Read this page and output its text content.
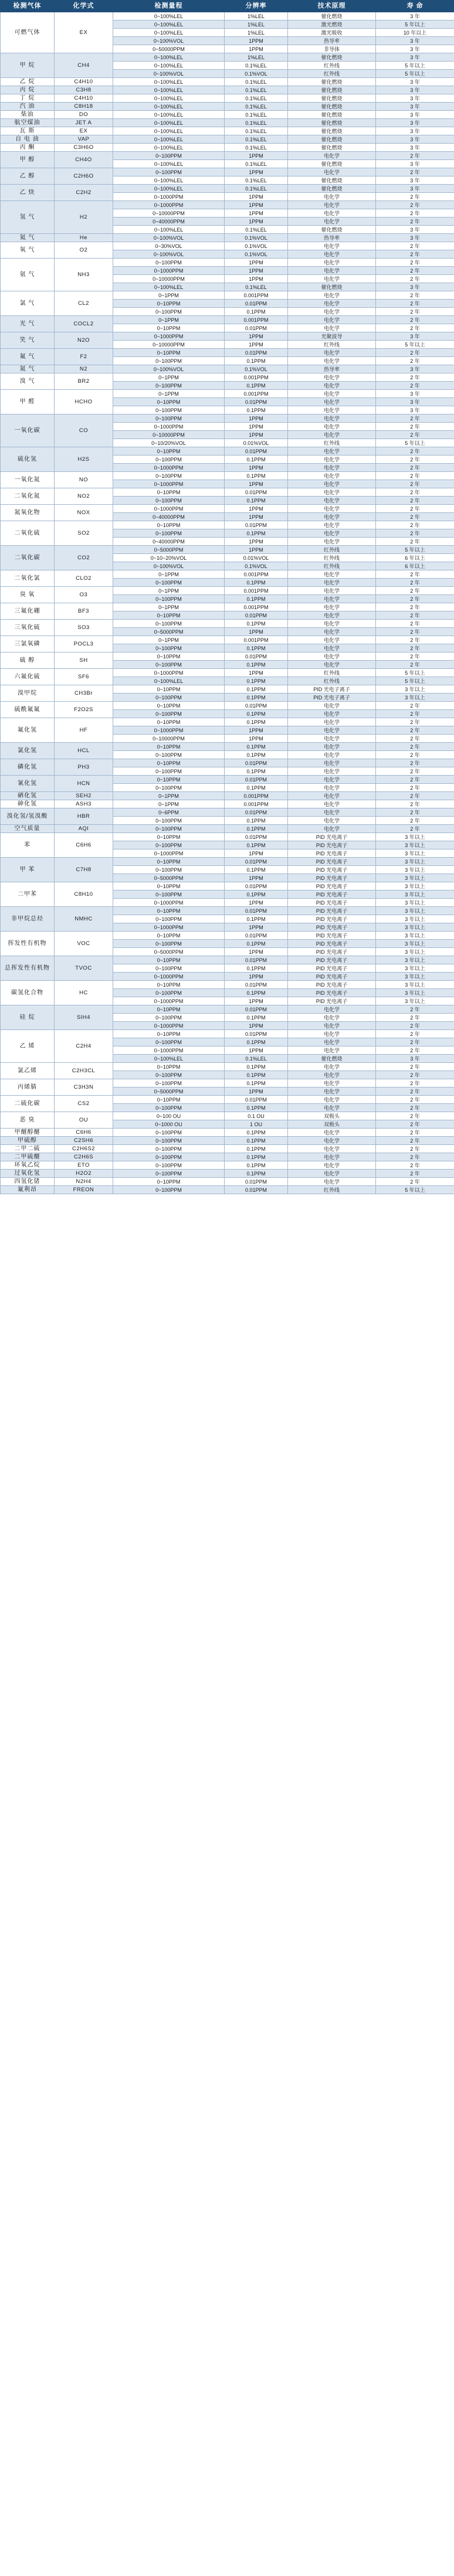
检测气体	化学式	检测量程	分辨率	技术原理	寿 命
可燃气体	EX	0~100%LEL	1%LEL	催化燃烧	3 年
		0~100%LEL	1%LEL	激光燃烧	5 年以上
		0~100%LEL	1%LEL	激光吸收	10 年以上
		0~100%VOL	1PPM	热导率	3 年
		0~50000PPM	1PPM	非导体	3 年
甲 烷	CH4	0~100%LEL	1%LEL	催化燃烧	3 年
		0~100%LEL	0.1%LEL	红外线	5 年以上
		0~100%VOL	0.1%VOL	红外线	5 年以上
乙 烷	C4H10	0~100%LEL	0.1%LEL	催化燃烧	3 年
丙 烷	C3H8	0~100%LEL	0.1%LEL	催化燃烧	3 年
丁 烷	C4H10	0~100%LEL	0.1%LEL	催化燃烧	3 年
汽 油	C8H18	0~100%LEL	0.1%LEL	催化燃烧	3 年
柴油	DO	0~100%LEL	0.1%LEL	催化燃烧	3 年
航空煤油	JET A	0~100%LEL	0.1%LEL	催化燃烧	3 年
瓦 斯	EX	0~100%LEL	0.1%LEL	催化燃烧	3 年
自 电 油	VAP	0~100%LEL	0.1%LEL	催化燃烧	3 年
丙 酮	C3H6O	0~100%LEL	0.1%LEL	催化燃烧	3 年
甲 醇	CH4O	0~100PPM	1PPM	电化学	2 年
		0~100%LEL	0.1%LEL	催化燃烧	3 年
乙 醇	C2H6O	0~100PPM	1PPM	电化学	2 年
		0~100%LEL	0.1%LEL	催化燃烧	3 年
乙 炔	C2H2	0~100%LEL	0.1%LEL	催化燃烧	3 年
		0~1000PPM	1PPM	电化学	2 年
氢 气	H2	0~1000PPM	1PPM	电化学	2 年
		0~10000PPM	1PPM	电化学	2 年
		0~40000PPM	1PPM	电化学	2 年
		0~100%LEL	0.1%LEL	催化燃烧	3 年
氦 气	He	0~100%VOL	0.1%VOL	热导率	3 年
氧 气	O2	0~30%VOL	0.1%VOL	电化学	2 年
		0~100%VOL	0.1%VOL	电化学	2 年
氨 气	NH3	0~100PPM	1PPM	电化学	2 年
		0~1000PPM	1PPM	电化学	2 年
		0~10000PPM	1PPM	电化学	2 年
		0~100%LEL	0.1%LEL	催化燃烧	3 年
氯 气	CL2	0~1PPM	0.001PPM	电化学	2 年
		0~10PPM	0.01PPM	电化学	2 年
		0~100PPM	0.1PPM	电化学	2 年
光 气	COCL2	0~1PPM	0.001PPM	电化学	2 年
		0~10PPM	0.01PPM	电化学	2 年
笑 气	N2O	0~1000PPM	1PPM	光聚波导	3 年
		0~10000PPM	1PPM	红外线	5 年以上
氟 气	F2	0~10PPM	0.01PPM	电化学	2 年
		0~100PPM	0.1PPM	电化学	2 年
氮 气	N2	0~100%VOL	0.1%VOL	热导率	3 年
溴 气	BR2	0~1PPM	0.001PPM	电化学	2 年
		0~100PPM	0.1PPM	电化学	2 年
甲 醛	HCHO	0~1PPM	0.001PPM	电化学	3 年
		0~10PPM	0.01PPM	电化学	3 年
		0~100PPM	0.1PPM	电化学	3 年
一氧化碳	CO	0~100PPM	1PPM	电化学	2 年
		0~1000PPM	1PPM	电化学	2 年
		0~10000PPM	1PPM	电化学	2 年
		0~10/20%VOL	0.01%VOL	红外线	5 年以上
硫化氢	H2S	0~10PPM	0.01PPM	电化学	2 年
		0~100PPM	0.1PPM	电化学	2 年
		0~1000PPM	1PPM	电化学	2 年
一氧化氮	NO	0~100PPM	0.1PPM	电化学	2 年
		0~1000PPM	1PPM	电化学	2 年
二氧化氮	NO2	0~10PPM	0.01PPM	电化学	2 年
		0~100PPM	0.1PPM	电化学	2 年
氮氧化物	NOX	0~1000PPM	1PPM	电化学	2 年
		0~40000PPM	1PPM	电化学	2 年
二氧化硫	SO2	0~10PPM	0.01PPM	电化学	2 年
		0~100PPM	0.1PPM	电化学	2 年
		0~40000PPM	1PPM	电化学	2 年
二氧化碳	CO2	0~5000PPM	1PPM	红外线	5 年以上
		0~10~20%VOL	0.01%VOL	红外线	6 年以上
		0~100%VOL	0.1%VOL	红外线	6 年以上
二氧化氯	CLO2	0~1PPM	0.001PPM	电化学	2 年
		0~100PPM	0.1PPM	电化学	2 年
臭 氧	O3	0~1PPM	0.001PPM	电化学	2 年
		0~100PPM	0.1PPM	电化学	2 年
三氟化硼	BF3	0~1PPM	0.001PPM	电化学	2 年
		0~10PPM	0.01PPM	电化学	2 年
三氧化硫	SO3	0~100PPM	0.1PPM	电化学	2 年
		0~5000PPM	1PPM	电化学	2 年
三氯氧磷	POCL3	0~1PPM	0.001PPM	电化学	2 年
		0~100PPM	0.1PPM	电化学	2 年
硫 醇	SH	0~10PPM	0.01PPM	电化学	2 年
		0~100PPM	0.1PPM	电化学	2 年
六氟化硫	SF6	0~1000PPM	1PPM	红外线	5 年以上
		0~100%LEL	0.1PPM	红外线	5 年以上
溴甲烷	CH3Br	0~10PPM	0.1PPM	PID 光电子离子	3 年以上
		0~100PPM	0.1PPM	PID 光电子离子	3 年以上
硫酰氟氟	F2O2S	0~10PPM	0.01PPM	电化学	2 年
		0~100PPM	0.1PPM	电化学	2 年
氟化氢	HF	0~10PPM	0.1PPM	电化学	2 年
		0~1000PPM	1PPM	电化学	2 年
		0~10000PPM	1PPM	电化学	2 年
氯化氢	HCL	0~10PPM	0.1PPM	电化学	2 年
		0~100PPM	0.1PPM	电化学	2 年
磷化氢	PH3	0~10PPM	0.01PPM	电化学	2 年
		0~100PPM	0.1PPM	电化学	2 年
氰化氢	HCN	0~10PPM	0.01PPM	电化学	2 年
		0~100PPM	0.1PPM	电化学	2 年
硒化氢	SEH2	0~1PPM	0.001PPM	电化学	2 年
砷化氢	ASH3	0~1PPM	0.001PPM	电化学	2 年
溴化氢/氢溴酸	HBR	0~6PPM	0.01PPM	电化学	2 年
		0~100PPM	0.1PPM	电化学	2 年
空气质量	AQI	0~100PPM	0.1PPM	电化学	2 年
苯	C6H6	0~10PPM	0.01PPM	PID 光电离子	3 年以上
		0~100PPM	0.1PPM	PID 光电离子	3 年以上
		0~1000PPM	1PPM	PID 光电离子	3 年以上
甲 苯	C7H8	0~10PPM	0.01PPM	PID 光电离子	3 年以上
		0~100PPM	0.1PPM	PID 光电离子	3 年以上
		0~5000PPM	1PPM	PID 光电离子	3 年以上
二甲苯	C8H10	0~10PPM	0.01PPM	PID 光电离子	3 年以上
		0~100PPM	0.1PPM	PID 光电离子	3 年以上
		0~1000PPM	1PPM	PID 光电离子	3 年以上
非甲烷总烃	NMHC	0~10PPM	0.01PPM	PID 光电离子	3 年以上
		0~100PPM	0.1PPM	PID 光电离子	3 年以上
		0~1000PPM	1PPM	PID 光电离子	3 年以上
挥发性有机物	VOC	0~10PPM	0.01PPM	PID 光电离子	3 年以上
		0~100PPM	0.1PPM	PID 光电离子	3 年以上
		0~5000PPM	1PPM	PID 光电离子	3 年以上
总挥发性有机物	TVOC	0~10PPM	0.01PPM	PID 光电离子	3 年以上
		0~100PPM	0.1PPM	PID 光电离子	3 年以上
		0~1000PPM	1PPM	PID 光电离子	3 年以上
碳氢化合物	HC	0~10PPM	0.01PPM	PID 光电离子	3 年以上
		0~100PPM	0.1PPM	PID 光电离子	3 年以上
		0~1000PPM	1PPM	PID 光电离子	3 年以上
硅 烷	SIH4	0~10PPM	0.01PPM	电化学	2 年
		0~100PPM	0.1PPM	电化学	2 年
		0~1000PPM	1PPM	电化学	2 年
乙 烯	C2H4	0~10PPM	0.01PPM	电化学	2 年
		0~100PPM	0.1PPM	电化学	2 年
		0~1000PPM	1PPM	电化学	2 年
		0~100%LEL	0.1%LEL	催化燃烧	3 年
氯乙烯	C2H3CL	0~10PPM	0.1PPM	电化学	2 年
		0~100PPM	0.1PPM	电化学	2 年
丙烯腈	C3H3N	0~100PPM	0.1PPM	电化学	2 年
		0~5000PPM	1PPM	电化学	2 年
二硫化碳	CS2	0~10PPM	0.01PPM	电化学	2 年
		0~100PPM	0.1PPM	电化学	2 年
恶 臭	OU	0~100 OU	0.1 OU	双极头	2 年
		0~1000 OU	1 OU	双极头	2 年
甲醚醇醚	C6H6	0~100PPM	0.1PPM	电化学	2 年
甲硫醇	C2SH6	0~100PPM	0.1PPM	电化学	2 年
二甲二硫	C2H6S2	0~100PPM	0.1PPM	电化学	2 年
二甲硫醚	C2H6S	0~100PPM	0.1PPM	电化学	2 年
环氧乙烷	ETO	0~100PPM	0.1PPM	电化学	2 年
过氧化氢	H2O2	0~100PPM	0.1PPM	电化学	2 年
四氢化锗	N2H4	0~10PPM	0.01PPM	电化学	2 年
氟利昂	FREON	0~100PPM	0.01PPM	红外线	5 年以上
